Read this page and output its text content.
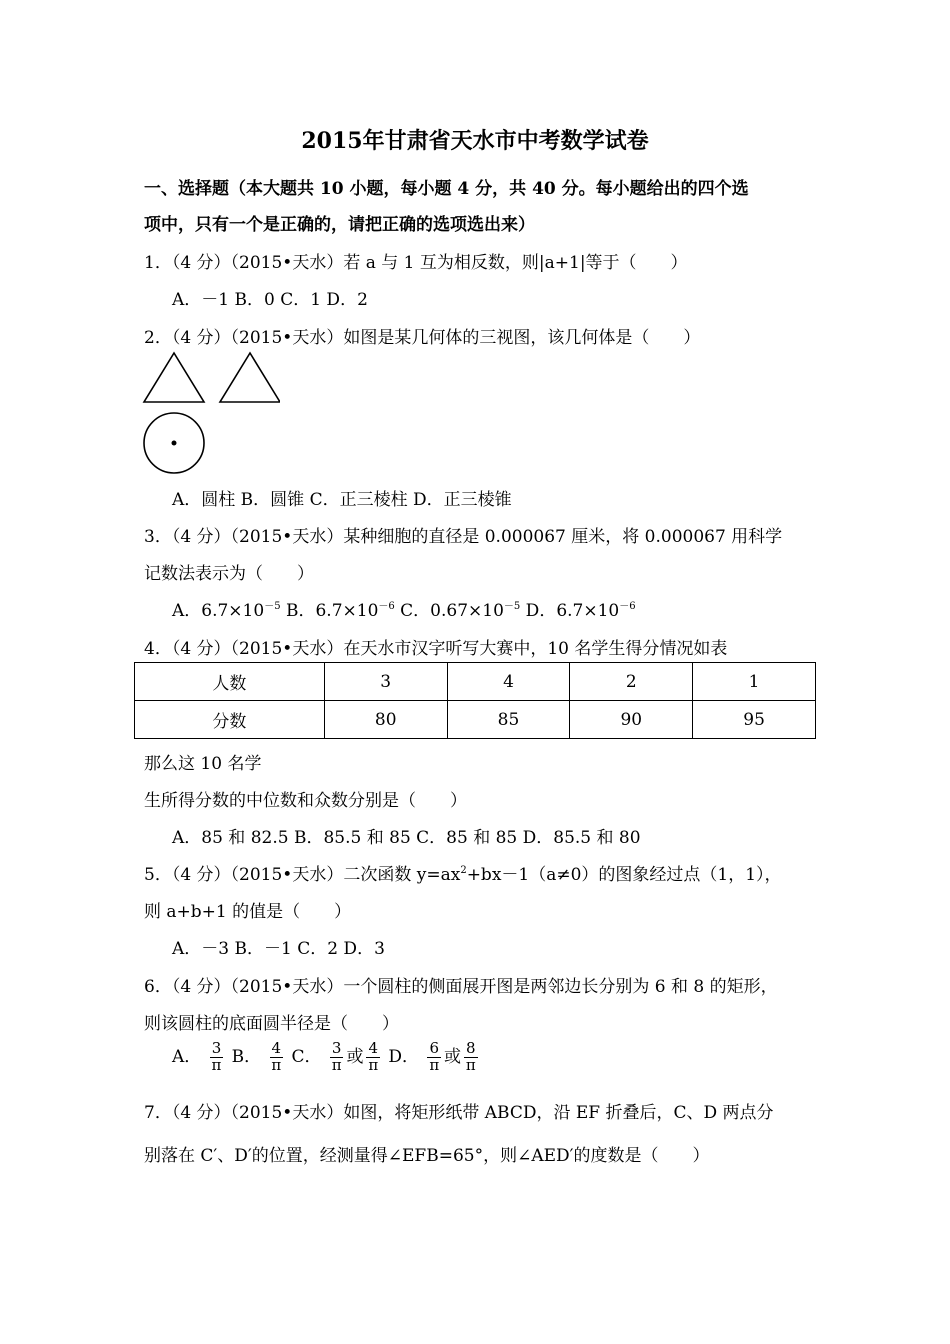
2015年甘肃省天水市中考数学试卷
一、选择题（本大题共 10 小题，每小题 4 分，共 40 分。每小题给出的四个选
项中，只有一个是正确的，请把正确的选项选出来）
1．（4 分）（2015•天水）若 a 与 1 互为相反数，则|a+1|等于（　　）
A．－1 B．0 C．1 D．2
2．（4 分）（2015•天水）如图是某几何体的三视图，该几何体是（　　）
A．圆柱 B．圆锥 C．正三棱柱 D．正三棱锥
3．（4 分）（2015•天水）某种细胞的直径是 0.000067 厘米，将 0.000067 用科学
记数法表示为（　　）
A．$6.7\times 10^{-5}$ B．$6.7\times 10^{-6}$ C．$0.67\times 10^{-5}$ D．$6.7\times 10^{-6}$
4．（4 分）（2015•天水）在天水市汉字听写大赛中，10 名学生得分情况如表
人数	3	4	2	1
分数	80	85	90	95
那么这 10 名学
生所得分数的中位数和众数分别是（　　）
A．85 和 82.5 B．85.5 和 85 C．85 和 85 D．85.5 和 80
5．（4 分）（2015•天水）二次函数 $y=ax^2+bx-1(a\ne 0)$的图象经过点（1，1），
则 a+b+1 的值是（　　）
A．－3 B．－1 C．2 D．3
6．（4 分）（2015•天水）一个圆柱的侧面展开图是两邻边长分别为 6 和 8 的矩形，
则该圆柱的底面圆半径是（　　）
A． $\frac{3}{\pi}$ B． $\frac{4}{\pi}$ C． $\frac{3}{\pi}$ 或 $\frac{4}{\pi}$ D． $\frac{6}{\pi}$ 或 $\frac{8}{\pi}$
7．（4 分）（2015•天水）如图，将矩形纸带 ABCD，沿 EF 折叠后，C、D 两点分
别落在 C′、D′的位置，经测量得∠EFB=65°，则∠AED′的度数是（　　）
